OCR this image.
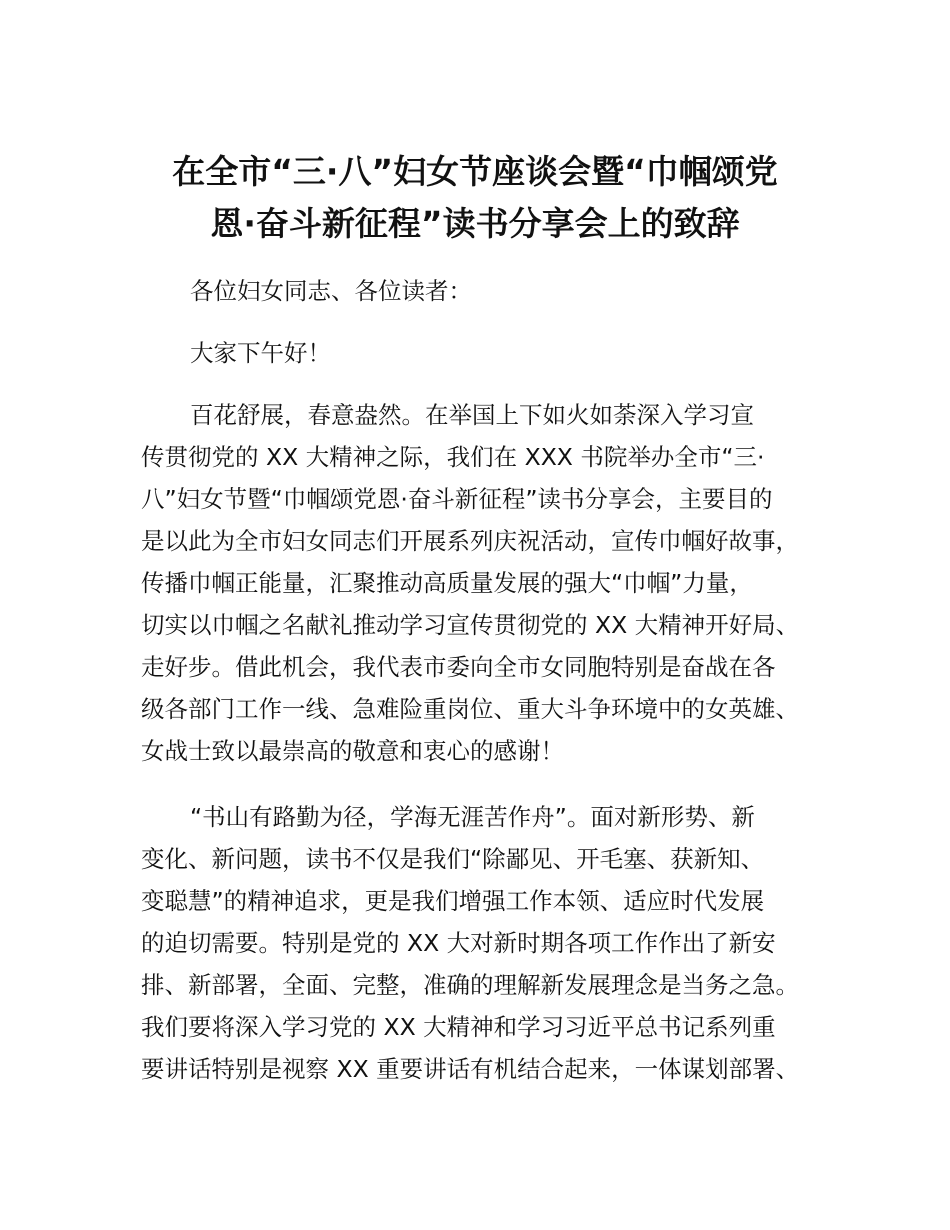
在全市“三·八”妇女节座谈会暨“巾帼颂党
恩·奋斗新征程”读书分享会上的致辞
各位妇女同志、各位读者：
大家下午好！
百花舒展，春意盎然。在举国上下如火如荼深入学习宣
传贯彻党的 XX 大精神之际，我们在 XXX 书院举办全市“三·
八”妇女节暨“巾帼颂党恩·奋斗新征程”读书分享会，主要目的
是以此为全市妇女同志们开展系列庆祝活动，宣传巾帼好故事，
传播巾帼正能量，汇聚推动高质量发展的强大“巾帼”力量，
切实以巾帼之名献礼推动学习宣传贯彻党的 XX 大精神开好局、
走好步。借此机会，我代表市委向全市女同胞特别是奋战在各
级各部门工作一线、急难险重岗位、重大斗争环境中的女英雄、
女战士致以最崇高的敬意和衷心的感谢！
“书山有路勤为径，学海无涯苦作舟”。面对新形势、新
变化、新问题，读书不仅是我们“除鄙见、开毛塞、获新知、
变聪慧”的精神追求，更是我们增强工作本领、适应时代发展
的迫切需要。特别是党的 XX 大对新时期各项工作作出了新安
排、新部署，全面、完整，准确的理解新发展理念是当务之急。
我们要将深入学习党的 XX 大精神和学习习近平总书记系列重
要讲话特别是视察 XX 重要讲话有机结合起来，一体谋划部署、
